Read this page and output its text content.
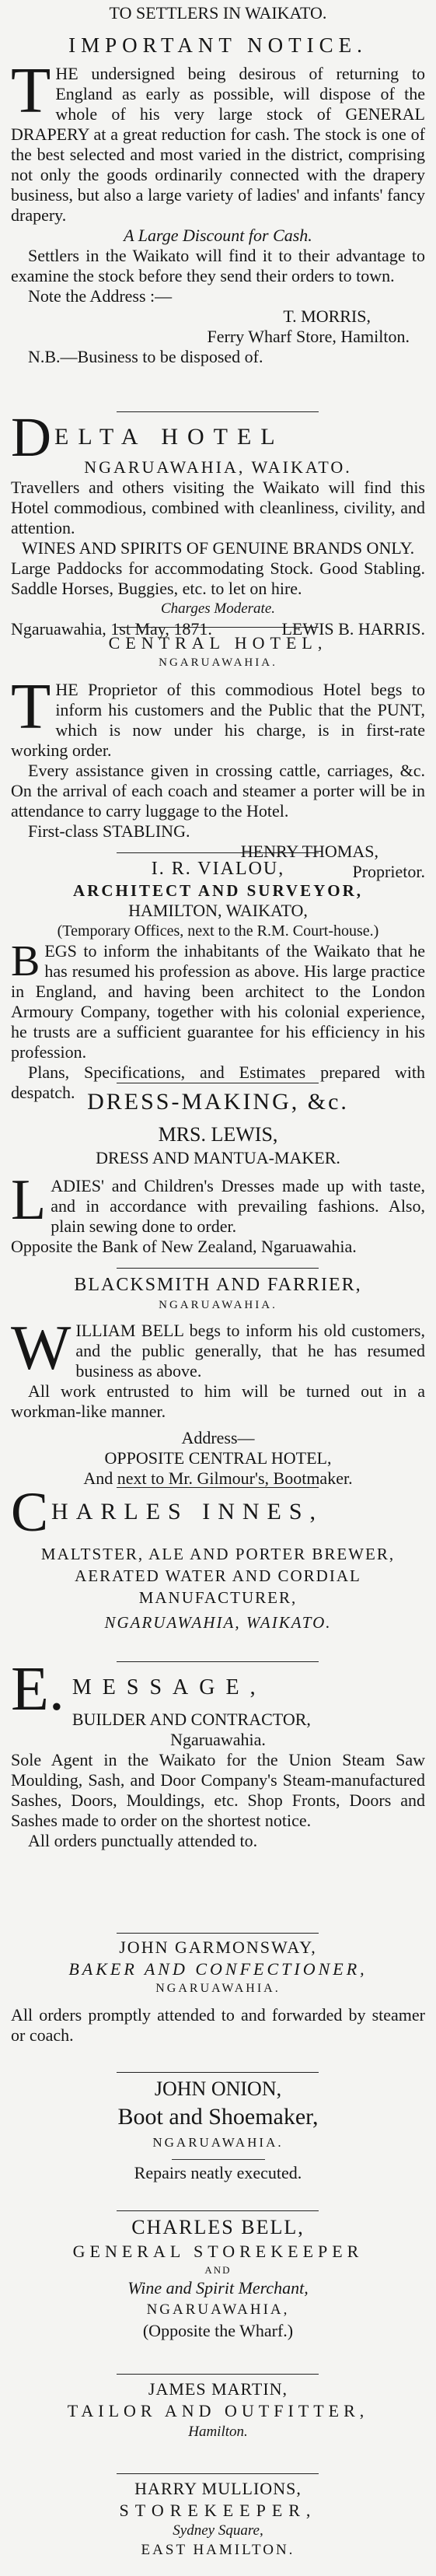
TO SETTLERS IN WAIKATO.

IMPORTANT NOTICE.

THE undersigned being desirous of returning to England as early as possible, will dispose of the whole of his very large stock of GENERAL DRAPERY at a great reduction for cash. The stock is one of the best selected and most varied in the district, comprising not only the goods ordinarily connected with the drapery business, but also a large variety of ladies' and infants' fancy drapery.

A Large Discount for Cash.

Settlers in the Waikato will find it to their advantage to examine the stock before they send their orders to town.

Note the Address :—

T. MORRIS,

Ferry Wharf Store, Hamilton.

N.B.—Business to be disposed of.

DELTA HOTEL

NGARUAWAHIA, WAIKATO.

Travellers and others visiting the Waikato will find this Hotel commodious, combined with cleanliness, civility, and attention.

WINES AND SPIRITS OF GENUINE BRANDS ONLY.

Large Paddocks for accommodating Stock. Good Stabling. Saddle Horses, Buggies, etc. to let on hire.

Charges Moderate.

Ngaruawahia, 1st May, 1871.	LEWIS B. HARRIS.

CENTRAL HOTEL,

NGARUAWAHIA.

THE Proprietor of this commodious Hotel begs to inform his customers and the Public that the PUNT, which is now under his charge, is in first-rate working order.

Every assistance given in crossing cattle, carriages, &c. On the arrival of each coach and steamer a porter will be in attendance to carry luggage to the Hotel.

First-class STABLING.

HENRY THOMAS,

Proprietor.

I. R. VIALOU,

ARCHITECT AND SURVEYOR,

HAMILTON, WAIKATO,

(Temporary Offices, next to the R.M. Court-house.)

BEGS to inform the inhabitants of the Waikato that he has resumed his profession as above. His large practice in England, and having been architect to the London Armoury Company, together with his colonial experience, he trusts are a sufficient guarantee for his efficiency in his profession.

Plans, Specifications, and Estimates prepared with despatch. DRESS-MAKING, &c.

MRS. LEWIS,

DRESS AND MANTUA-MAKER.

LADIES' and Children's Dresses made up with taste, and in accordance with prevailing fashions. Also, plain sewing done to order.

Opposite the Bank of New Zealand, Ngaruawahia.

BLACKSMITH AND FARRIER,

NGARUAWAHIA.

WILLIAM BELL begs to inform his old customers, and the public generally, that he has resumed business as above.

All work entrusted to him will be turned out in a workman-like manner.

Address—

OPPOSITE CENTRAL HOTEL,

And next to Mr. Gilmour's, Bootmaker.

CHARLES INNES,

MALTSTER, ALE AND PORTER BREWER, AERATED WATER AND CORDIAL MANUFACTURER,

NGARUAWAHIA, WAIKATO.

E. MESSAGE,

BUILDER AND CONTRACTOR,

Ngaruawahia.

Sole Agent in the Waikato for the Union Steam Saw Moulding, Sash, and Door Company's Steam-manufactured Sashes, Doors, Mouldings, etc. Shop Fronts, Doors and Sashes made to order on the shortest notice.

All orders punctually attended to.

JOHN GARMONSWAY,

BAKER AND CONFECTIONER,

NGARUAWAHIA.

All orders promptly attended to and forwarded by steamer or coach.

JOHN ONION,

Boot and Shoemaker,

NGARUAWAHIA.

Repairs neatly executed.

CHARLES BELL,

GENERAL STOREKEEPER

AND

Wine and Spirit Merchant,

NGARUAWAHIA,

(Opposite the Wharf.)

JAMES MARTIN,

TAILOR AND OUTFITTER,

Hamilton.

HARRY MULLIONS,

STOREKEEPER,

Sydney Square,

EAST HAMILTON.
